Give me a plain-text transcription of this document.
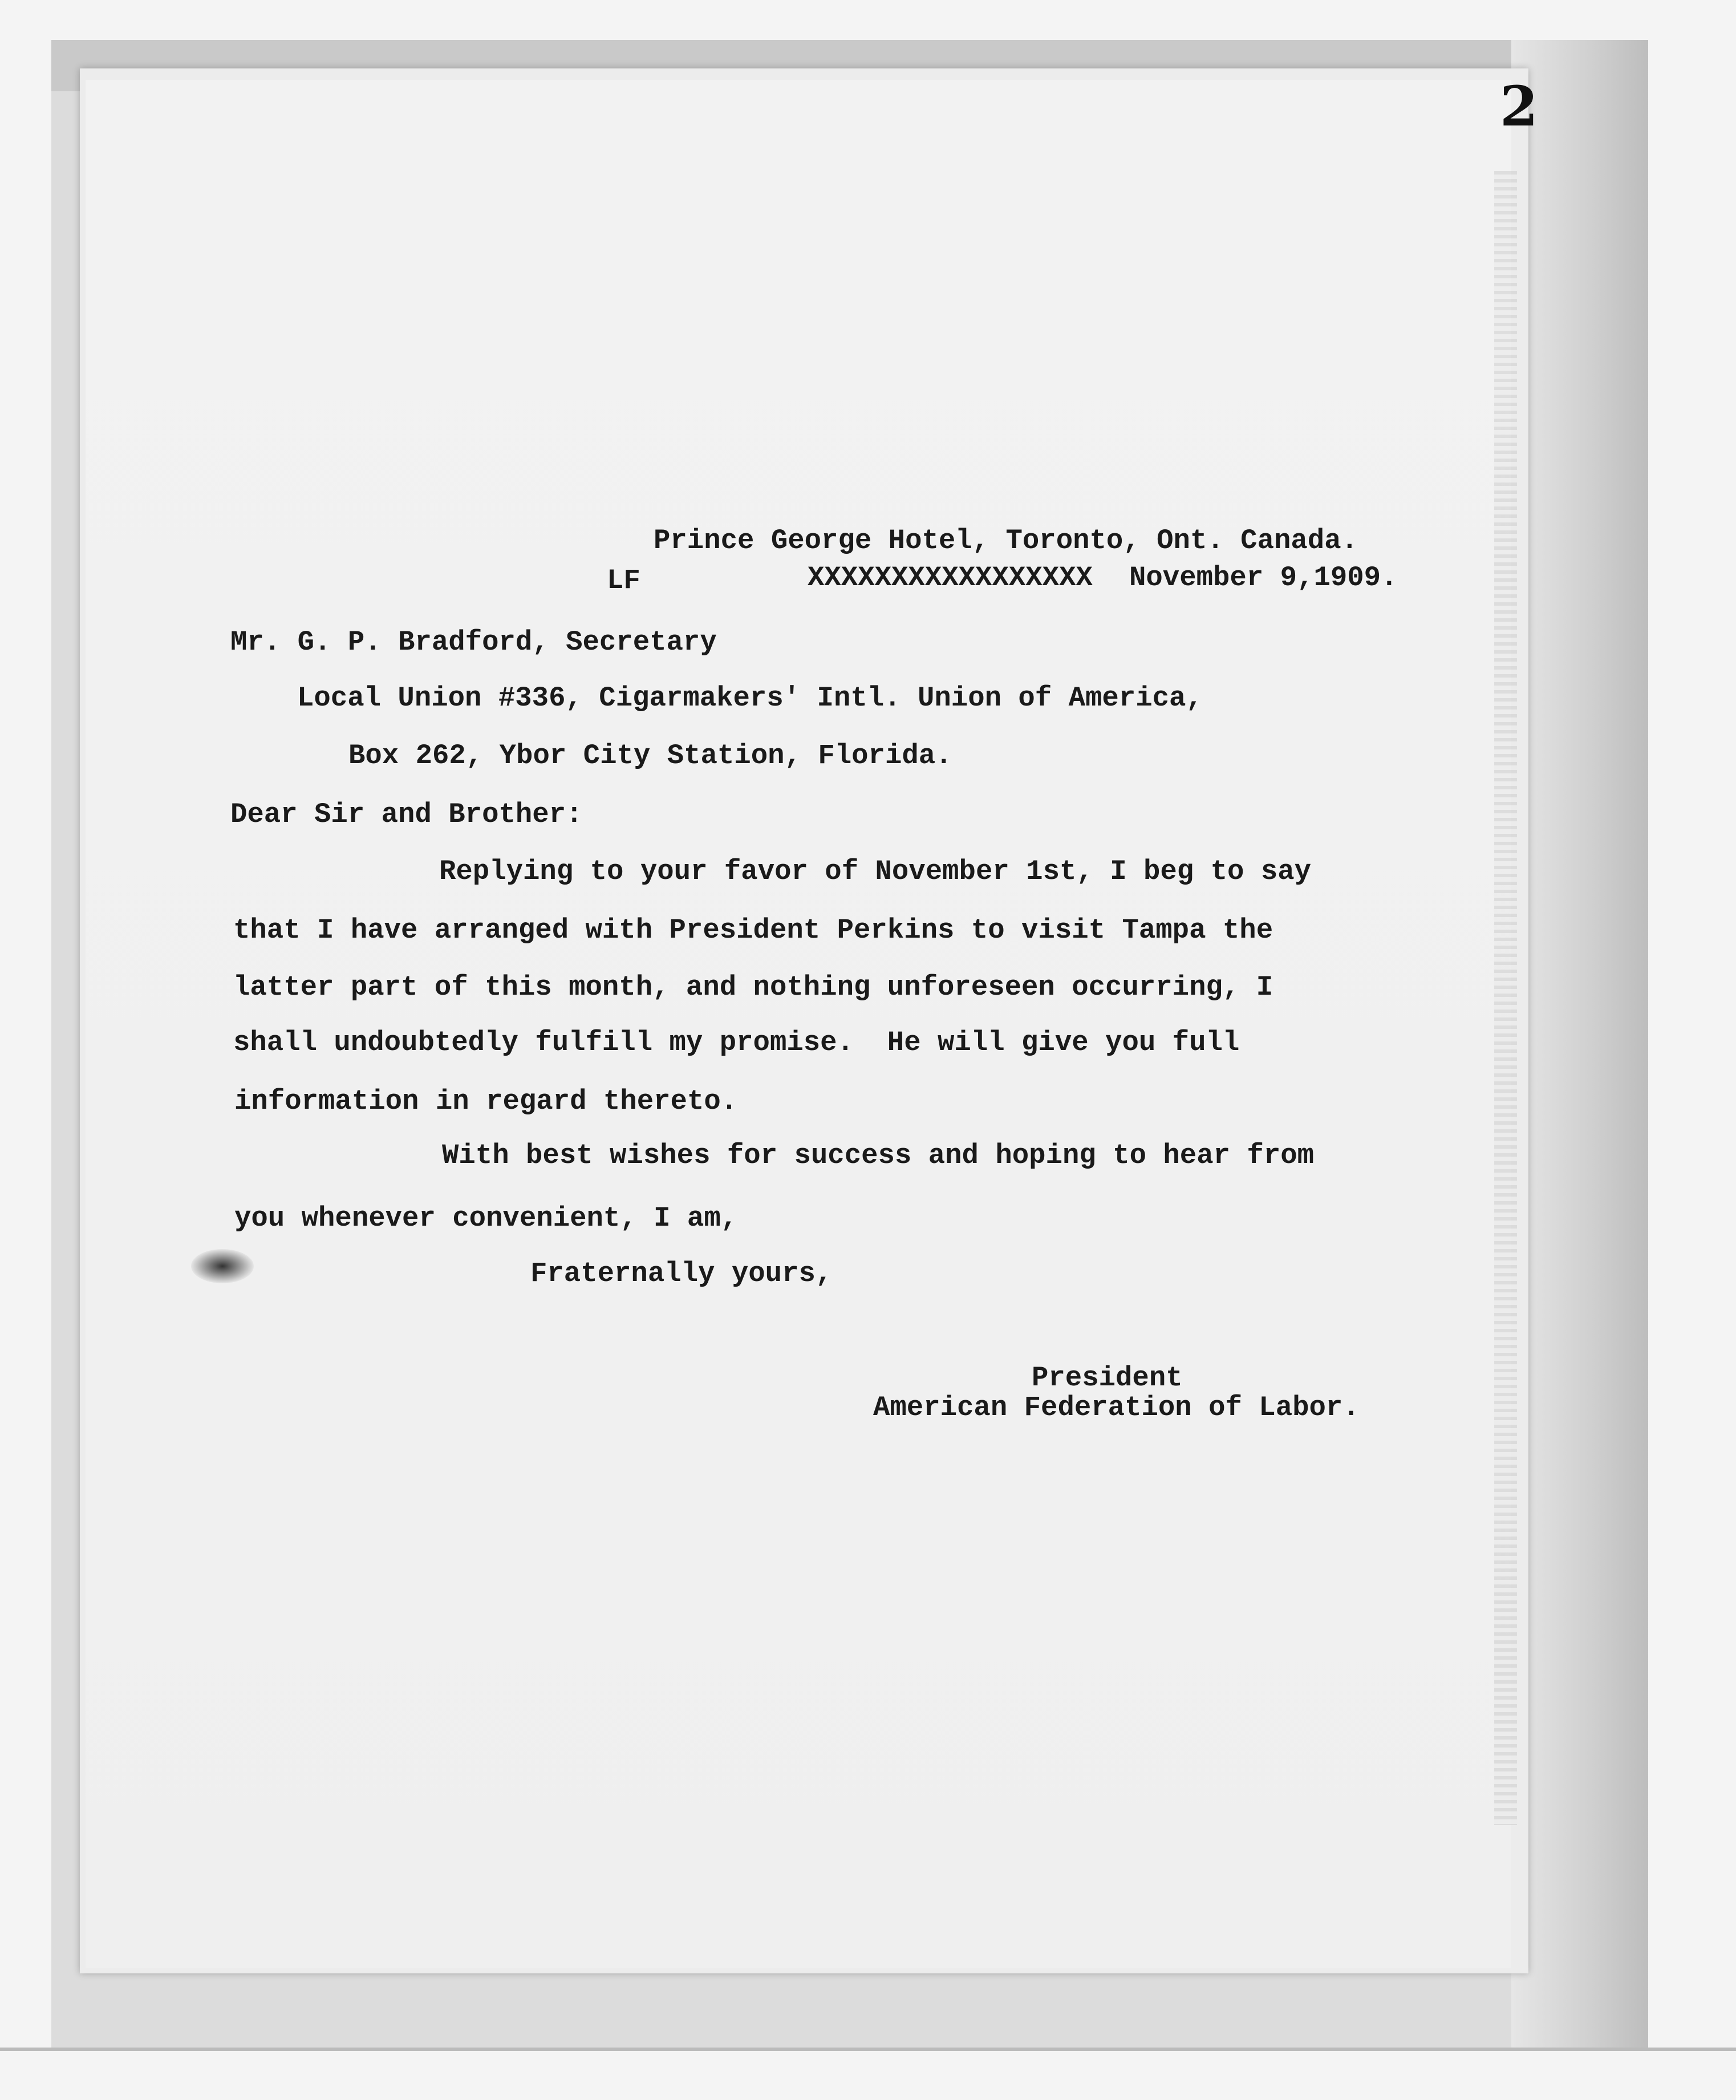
2
Prince George Hotel, Toronto, Ont. Canada.
LF	XXXXXXXXXXXXXXXXX November 9,1909.
Mr. G. P. Bradford, Secretary
Local Union #336, Cigarmakers' Intl. Union of America,
Box 262, Ybor City Station, Florida.
Dear Sir and Brother:
Replying to your favor of November 1st, I beg to say
that I have arranged with President Perkins to visit Tampa the
latter part of this month, and nothing unforeseen occurring, I
shall undoubtedly fulfill my promise.  He will give you full
information in regard thereto.
With best wishes for success and hoping to hear from
you whenever convenient, I am,
Fraternally yours,
President
American Federation of Labor.
